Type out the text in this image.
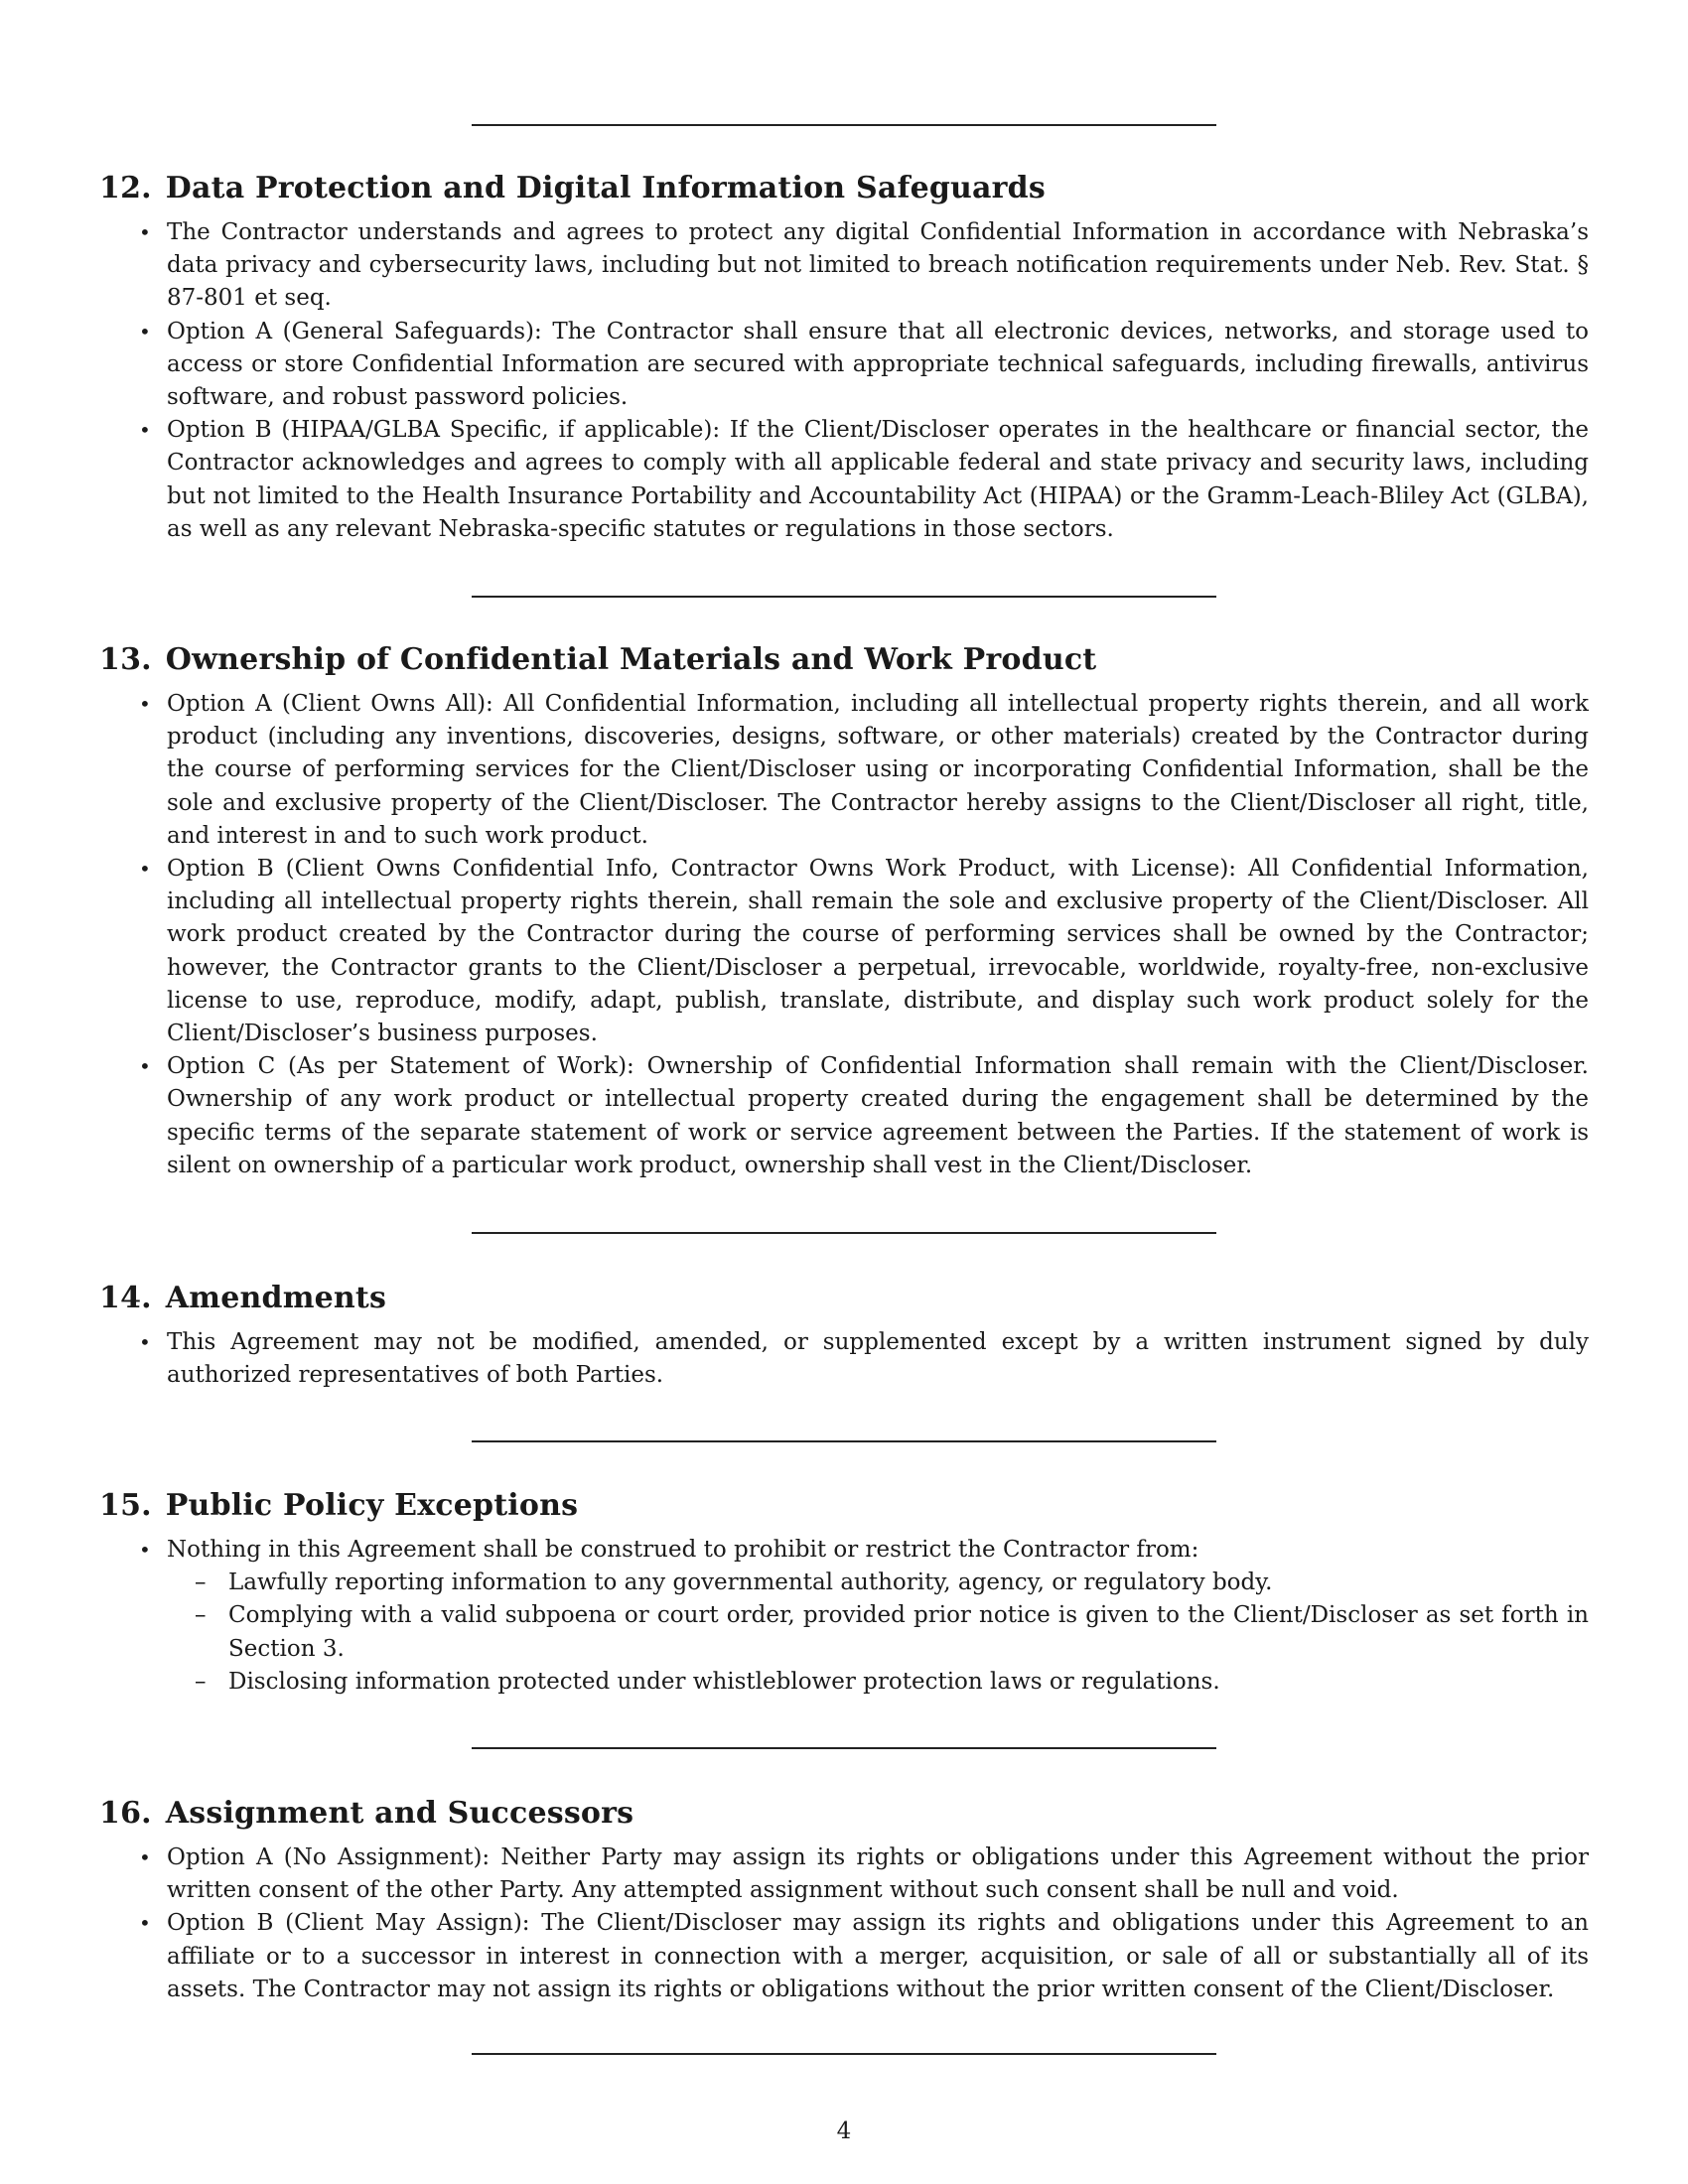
12. Data Protection and Digital Information Safeguards
• The Contractor understands and agrees to protect any digital Confidential Information in accordance with Nebraska’s data privacy and cybersecurity laws, including but not limited to breach notification requirements under Neb. Rev. Stat. § 87-801 et seq.
• Option A (General Safeguards): The Contractor shall ensure that all electronic devices, networks, and storage used to access or store Confidential Information are secured with appropriate technical safeguards, including firewalls, antivirus software, and robust password policies.
• Option B (HIPAA/GLBA Specific, if applicable): If the Client/Discloser operates in the healthcare or financial sector, the Contractor acknowledges and agrees to comply with all applicable federal and state privacy and security laws, including but not limited to the Health Insurance Portability and Accountability Act (HIPAA) or the Gramm-Leach-Bliley Act (GLBA), as well as any relevant Nebraska-specific statutes or regulations in those sectors.
13. Ownership of Confidential Materials and Work Product
• Option A (Client Owns All): All Confidential Information, including all intellectual property rights therein, and all work product (including any inventions, discoveries, designs, software, or other materials) created by the Contractor during the course of performing services for the Client/Discloser using or incorporating Confidential Information, shall be the sole and exclusive property of the Client/Discloser. The Contractor hereby assigns to the Client/Discloser all right, title, and interest in and to such work product.
• Option B (Client Owns Confidential Info, Contractor Owns Work Product, with License): All Confidential Information, including all intellectual property rights therein, shall remain the sole and exclusive property of the Client/Discloser. All work product created by the Contractor during the course of performing services shall be owned by the Contractor; however, the Contractor grants to the Client/Discloser a perpetual, irrevocable, worldwide, royalty-free, non-exclusive license to use, reproduce, modify, adapt, publish, translate, distribute, and display such work product solely for the Client/Discloser’s business purposes.
• Option C (As per Statement of Work): Ownership of Confidential Information shall remain with the Client/Discloser. Ownership of any work product or intellectual property created during the engagement shall be determined by the specific terms of the separate statement of work or service agreement between the Parties. If the statement of work is silent on ownership of a particular work product, ownership shall vest in the Client/Discloser.
14. Amendments
• This Agreement may not be modified, amended, or supplemented except by a written instrument signed by duly authorized representatives of both Parties.
15. Public Policy Exceptions
• Nothing in this Agreement shall be construed to prohibit or restrict the Contractor from:
– Lawfully reporting information to any governmental authority, agency, or regulatory body.
– Complying with a valid subpoena or court order, provided prior notice is given to the Client/Discloser as set forth in Section 3.
– Disclosing information protected under whistleblower protection laws or regulations.
16. Assignment and Successors
• Option A (No Assignment): Neither Party may assign its rights or obligations under this Agreement without the prior written consent of the other Party. Any attempted assignment without such consent shall be null and void.
• Option B (Client May Assign): The Client/Discloser may assign its rights and obligations under this Agreement to an affiliate or to a successor in interest in connection with a merger, acquisition, or sale of all or substantially all of its assets. The Contractor may not assign its rights or obligations without the prior written consent of the Client/Discloser.
4
